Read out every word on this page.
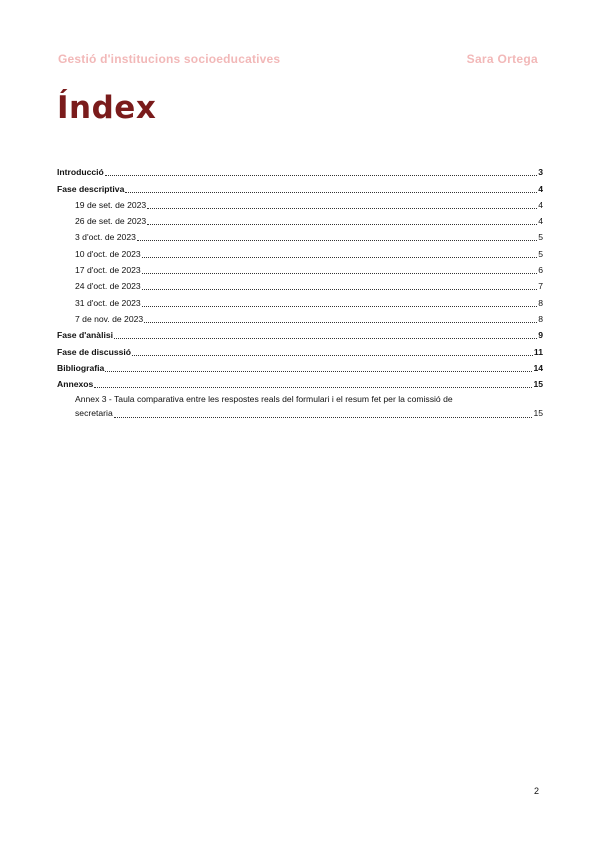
Gestió d'institucions socioeducatives	Sara Ortega
Índex
Introducció	3
Fase descriptiva	4
19 de set. de 2023	4
26 de set. de 2023	4
3 d'oct. de 2023	5
10 d'oct. de 2023	5
17 d'oct. de 2023	6
24 d'oct. de 2023	7
31 d'oct. de 2023	8
7 de nov. de 2023	8
Fase d'anàlisi	9
Fase de discussió	11
Bibliografia	14
Annexos	15
Annex 3 - Taula comparativa entre les respostes reals del formulari i el resum fet per la comissió de
secretaria	15
2
